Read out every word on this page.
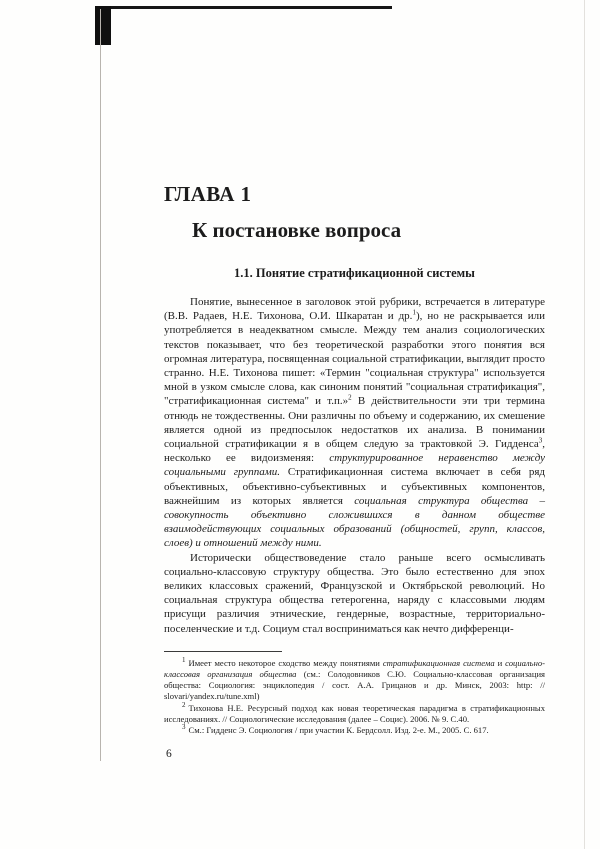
ГЛАВА 1
К постановке вопроса
1.1. Понятие стратификационной системы

Понятие, вынесенное в заголовок этой рубрики, встречается в литературе (В.В. Радаев, Н.Е. Тихонова, О.И. Шкаратан и др.$^1$), но не раскрывается или употребляется в неадекватном смысле. Между тем анализ социологических текстов показывает, что без теоретической разработки этого понятия вся огромная литература, посвященная социальной стратификации, выглядит просто странно. Н.Е. Тихонова пишет: «Термин "социальная структура" используется мной в узком смысле слова, как синоним понятий "социальная стратификация", "стратификационная система" и т.п.»$^2$ В действительности эти три термина отнюдь не тождественны. Они различны по объему и содержанию, их смешение является одной из предпосылок недостатков их анализа. В понимании социальной стратификации я в общем следую за трактовкой Э. Гидденса$^3$, несколько ее видоизменяя: структурированное неравенство между социальными группами. Стратификационная система включает в себя ряд объективных, объективно-субъективных и субъективных компонентов, важнейшим из которых является социальная структура общества – совокупность объективно сложившихся в данном обществе взаимодействующих социальных образований (общностей, групп, классов, слоев) и отношений между ними.

Исторически обществоведение стало раньше всего осмысливать социально-классовую структуру общества. Это было естественно для эпох великих классовых сражений, Французской и Октябрьской революций. Но социальная структура общества гетерогенна, наряду с классовыми людям присущи различия этнические, гендерные, возрастные, территориально-поселенческие и т.д. Социум стал восприниматься как нечто дифференци-

$^1$ Имеет место некоторое сходство между понятиями стратификационная система и социально-классовая организация общества (см.: Солодовников С.Ю. Социально-классовая организация общества: Социология: энциклопедия / сост. А.А. Грицанов и др. Минск, 2003: http: // slovari/yandex.ru/tune.xml)

$^2$ Тихонова Н.Е. Ресурсный подход как новая теоретическая парадигма в стратификационных исследованиях. // Социологические исследования (далее – Социс). 2006. № 9. С.40.

$^3$ См.: Гидденс Э. Социология / при участии К. Бердсолл. Изд. 2-е. М., 2005. С. 617.

6
